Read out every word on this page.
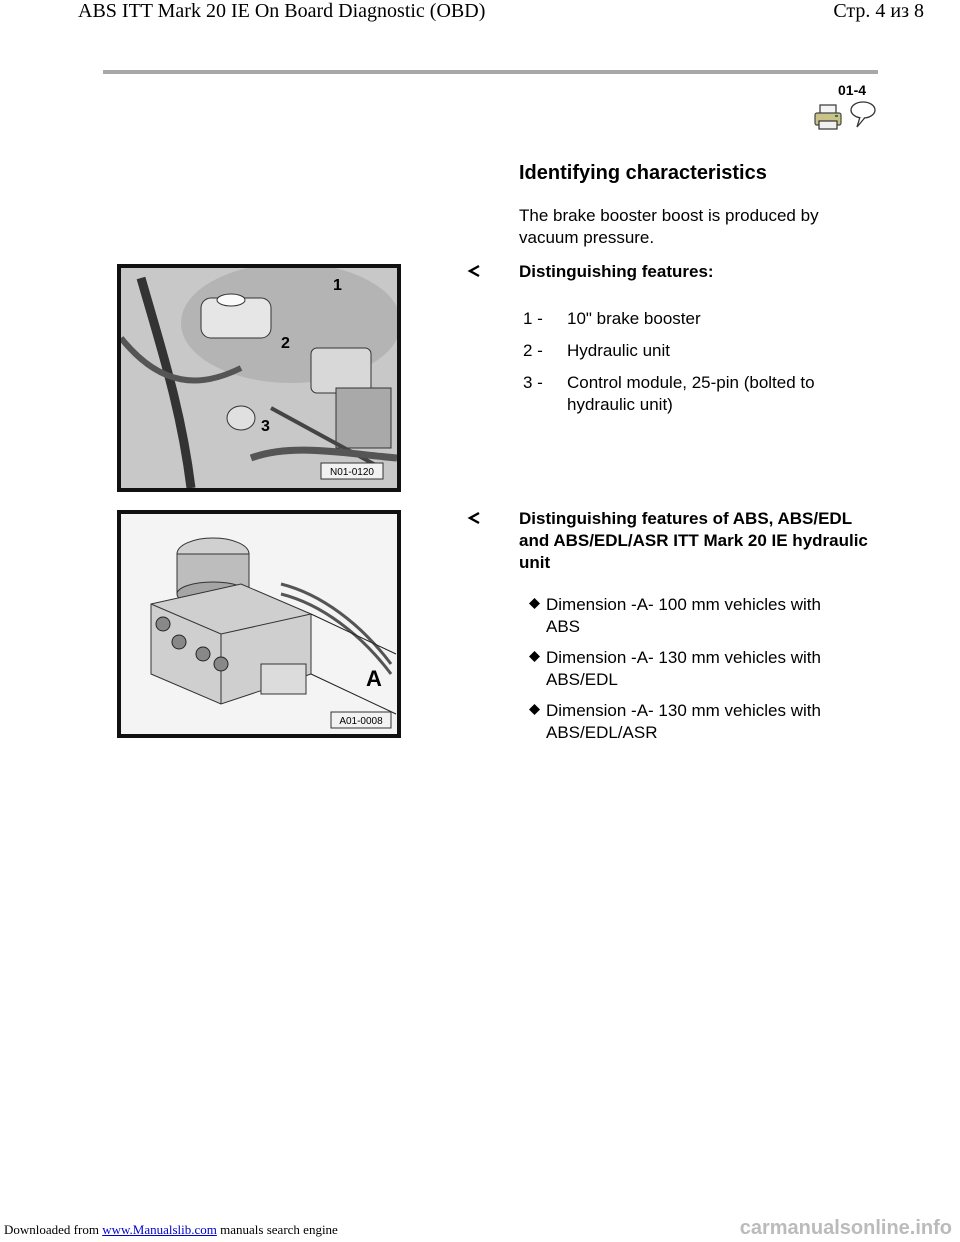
ABS ITT Mark 20 IE On Board Diagnostic (OBD)	Стр. 4 из 8
01-4
Identifying characteristics
The brake booster boost is produced by vacuum pressure.
N01-0120
1
2
3
Distinguishing features:
1 - 10" brake booster
2 - Hydraulic unit
3 - Control module, 25-pin (bolted to hydraulic unit)
A
A01-0008
Distinguishing features of ABS, ABS/EDL and ABS/EDL/ASR ITT Mark 20 IE hydraulic unit
Dimension -A- 100 mm vehicles with ABS
Dimension -A- 130 mm vehicles with ABS/EDL
Dimension -A- 130 mm vehicles with ABS/EDL/ASR
Downloaded from www.Manualslib.com manuals search engine	carmanualsonline.info
